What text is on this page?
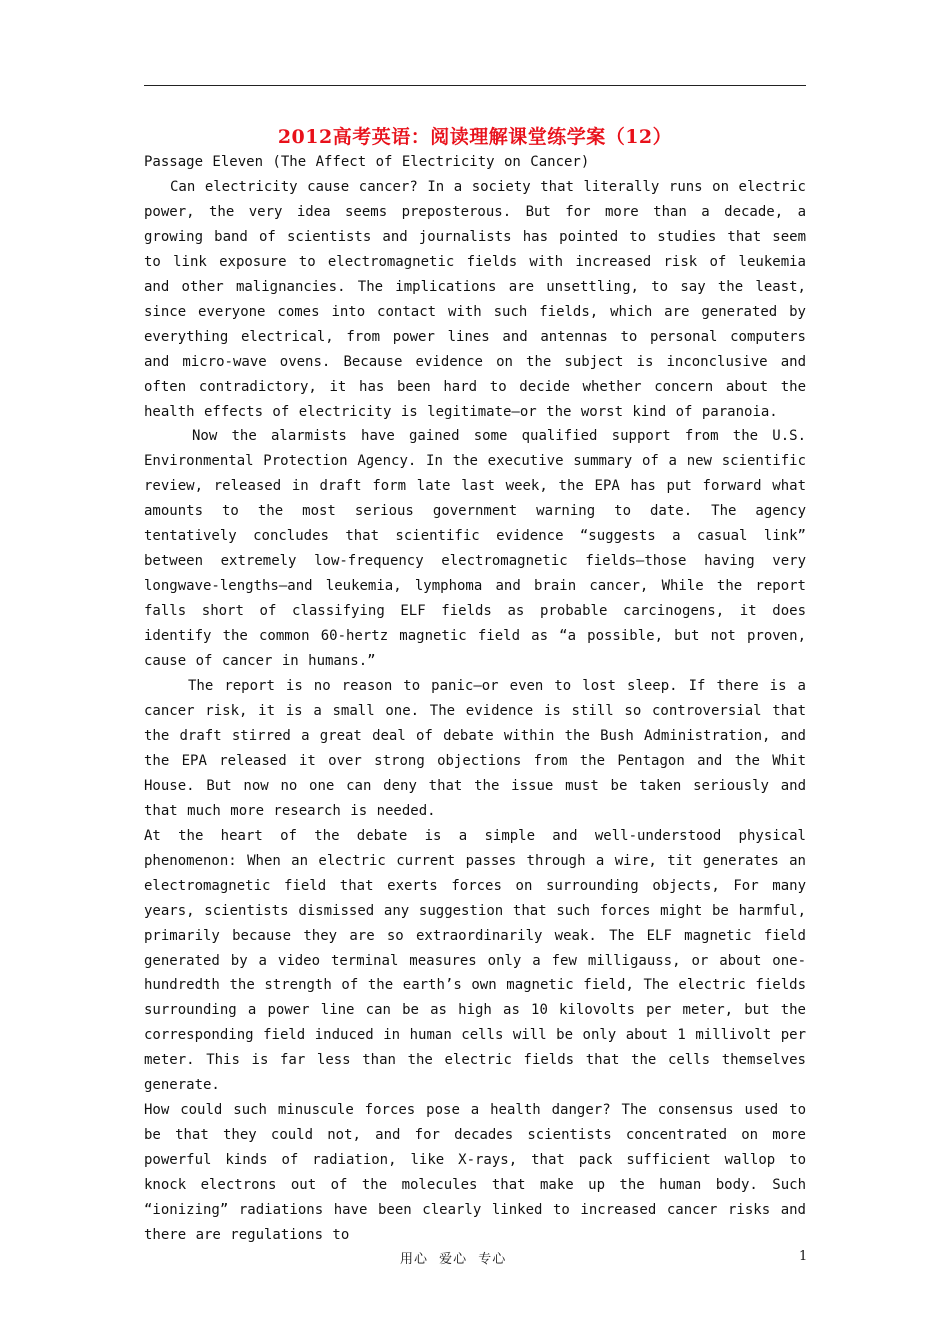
2012高考英语：阅读理解课堂练学案（12）

Passage Eleven (The Affect of Electricity on Cancer)

Can electricity cause cancer? In a society that literally runs on electric power, the very idea seems preposterous. But for more than a decade, a growing band of scientists and journalists has pointed to studies that seem to link exposure to electromagnetic fields with increased risk of leukemia and other malignancies. The implications are unsettling, to say the least, since everyone comes into contact with such fields, which are generated by everything electrical, from power lines and antennas to personal computers and micro-wave ovens. Because evidence on the subject is inconclusive and often contradictory, it has been hard to decide whether concern about the health effects of electricity is legitimate—or the worst kind of paranoia.

Now the alarmists have gained some qualified support from the U.S. Environmental Protection Agency. In the executive summary of a new scientific review, released in draft form late last week, the EPA has put forward what amounts to the most serious government warning to date. The agency tentatively concludes that scientific evidence “suggests a casual link” between extremely low-frequency electromagnetic fields—those having very longwave-lengths—and leukemia, lymphoma and brain cancer, While the report falls short of classifying ELF fields as probable carcinogens, it does identify the common 60-hertz magnetic field as “a possible, but not proven, cause of cancer in humans.”

The report is no reason to panic—or even to lost sleep. If there is a cancer risk, it is a small one. The evidence is still so controversial that the draft stirred a great deal of debate within the Bush Administration, and the EPA released it over strong objections from the Pentagon and the Whit House. But now no one can deny that the issue must be taken seriously and that much more research is needed.

At the heart of the debate is a simple and well-understood physical phenomenon: When an electric current passes through a wire, tit generates an electromagnetic field that exerts forces on surrounding objects, For many years, scientists dismissed any suggestion that such forces might be harmful, primarily because they are so extraordinarily weak. The ELF magnetic field generated by a video terminal measures only a few milligauss, or about one-hundredth the strength of the earth’s own magnetic field, The electric fields surrounding a power line can be as high as 10 kilovolts per meter, but the corresponding field induced in human cells will be only about 1 millivolt per meter. This is far less than the electric fields that the cells themselves generate.

How could such minuscule forces pose a health danger? The consensus used to be that they could not, and for decades scientists concentrated on more powerful kinds of radiation, like X-rays, that pack sufficient wallop to knock electrons out of the molecules that make up the human body. Such “ionizing” radiations have been clearly linked to increased cancer risks and there are regulations to

用心 爱心 专心	1
